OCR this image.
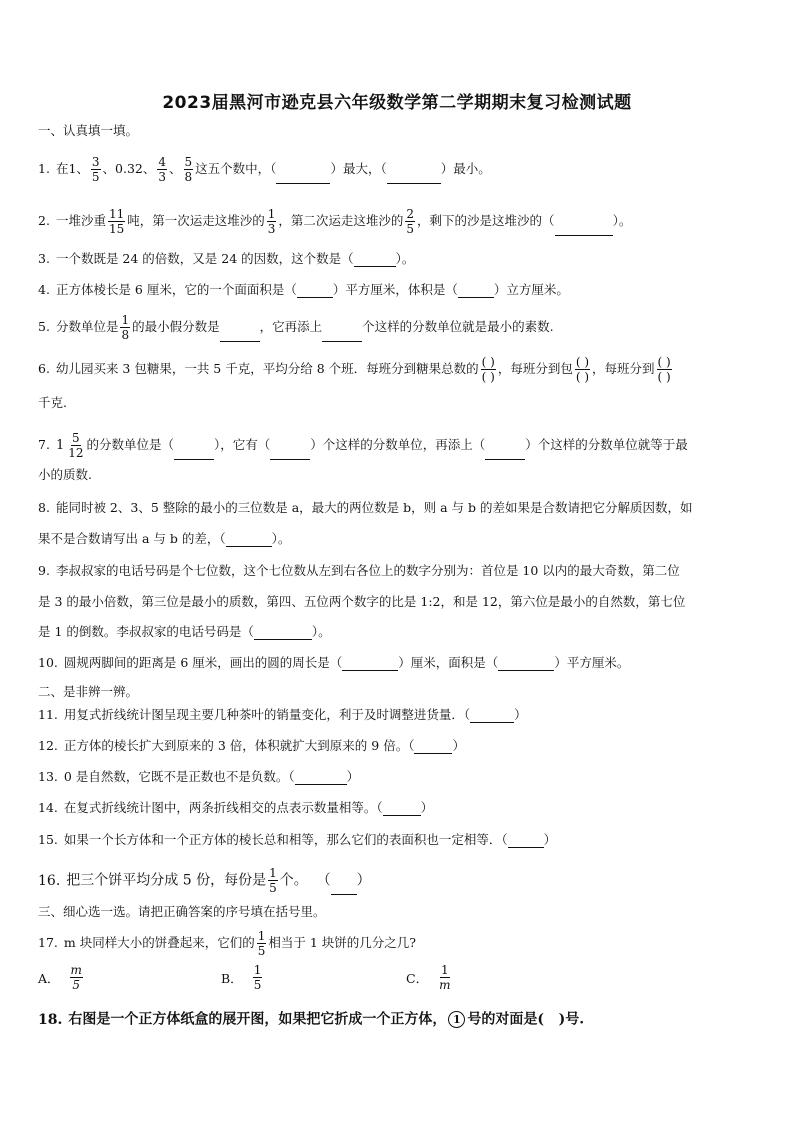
2023届黑河市逊克县六年级数学第二学期期末复习检测试题
一、认真填一填。
1. 在1、 $\frac{3}{5}$ 、0.32、 $\frac{4}{3}$ 、 $\frac{5}{8}$ 这五个数中，（	）最大，（	）最小。
2. 一堆沙重 $\frac{11}{15}$ 吨，第一次运走这堆沙的 $\frac{1}{3}$ ，第二次运走这堆沙的 $\frac{2}{5}$ ，剩下的沙是这堆沙的（	）。
3. 一个数既是 24 的倍数，又是 24 的因数，这个数是（	）。
4. 正方体棱长是 6 厘米，它的一个面面积是（	）平方厘米，体积是（	）立方厘米。
5. 分数单位是 $\frac{1}{8}$ 的最小假分数是	，它再添上	个这样的分数单位就是最小的素数.
6. 幼儿园买来 3 包糖果，一共 5 千克，平均分给 8 个班．每班分到糖果总数的 $\frac{( )}{( )}$ ，每班分到包 $\frac{( )}{( )}$ ，每班分到 $\frac{( )}{( )}$
千克.
7. $1 \frac{5}{12}$ 的分数单位是（	），它有（	）个这样的分数单位，再添上（	）个这样的分数单位就等于最
小的质数.
8. 能同时被 2、3、5 整除的最小的三位数是 a，最大的两位数是 b，则 a 与 b 的差如果是合数请把它分解质因数，如
果不是合数请写出 a 与 b 的差，（	）。
9. 李叔叔家的电话号码是个七位数，这个七位数从左到右各位上的数字分别为：首位是 10 以内的最大奇数，第二位
是 3 的最小倍数，第三位是最小的质数，第四、五位两个数字的比是 1:2，和是 12，第六位是最小的自然数，第七位
是 1 的倒数。李叔叔家的电话号码是（	）。
10. 圆规两脚间的距离是 6 厘米，画出的圆的周长是（	）厘米，面积是（	）平方厘米。
二、是非辨一辨。
11. 用复式折线统计图呈现主要几种茶叶的销量变化，利于及时调整进货量．（	）
12. 正方体的棱长扩大到原来的 3 倍，体积就扩大到原来的 9 倍。（	）
13. 0 是自然数，它既不是正数也不是负数。（	）
14. 在复式折线统计图中，两条折线相交的点表示数量相等。（	）
15. 如果一个长方体和一个正方体的棱长总和相等，那么它们的表面积也一定相等．（	）
16. 把三个饼平均分成 5 份，每份是 $\frac{1}{5}$ 个。  （ ）
三、细心选一选。请把正确答案的序号填在括号里。
17. m 块同样大小的饼叠起来，它们的 $\frac{1}{5}$ 相当于 1 块饼的几分之几?
A． $\frac{m}{5}$	B． $\frac{1}{5}$	C． $\frac{1}{m}$
18. 右图是一个正方体纸盒的展开图，如果把它折成一个正方体， 1 号的对面是(   )号.
